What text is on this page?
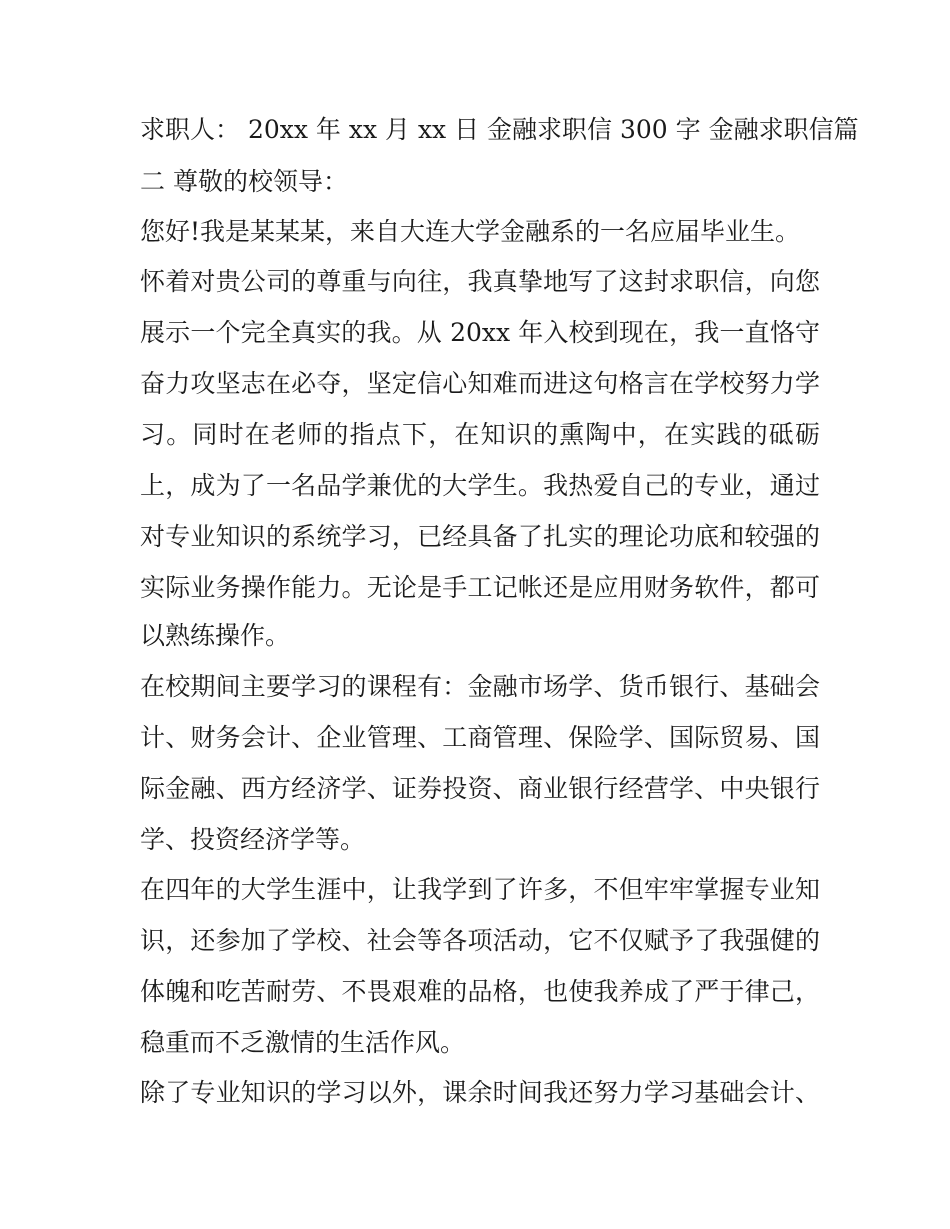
求职人： 20xx 年 xx 月 xx 日 金融求职信 300 字 金融求职信篇

二 尊敬的校领导：

您好!我是某某某，来自大连大学金融系的一名应届毕业生。

怀着对贵公司的尊重与向往，我真挚地写了这封求职信，向您

展示一个完全真实的我。从 20xx 年入校到现在，我一直恪守

奋力攻坚志在必夺，坚定信心知难而进这句格言在学校努力学

习。同时在老师的指点下，在知识的熏陶中，在实践的砥砺

上，成为了一名品学兼优的大学生。我热爱自己的专业，通过

对专业知识的系统学习，已经具备了扎实的理论功底和较强的

实际业务操作能力。无论是手工记帐还是应用财务软件，都可

以熟练操作。

在校期间主要学习的课程有：金融市场学、货币银行、基础会

计、财务会计、企业管理、工商管理、保险学、国际贸易、国

际金融、西方经济学、证券投资、商业银行经营学、中央银行

学、投资经济学等。

在四年的大学生涯中，让我学到了许多，不但牢牢掌握专业知

识，还参加了学校、社会等各项活动，它不仅赋予了我强健的

体魄和吃苦耐劳、不畏艰难的品格，也使我养成了严于律己，

稳重而不乏激情的生活作风。

除了专业知识的学习以外，课余时间我还努力学习基础会计、
